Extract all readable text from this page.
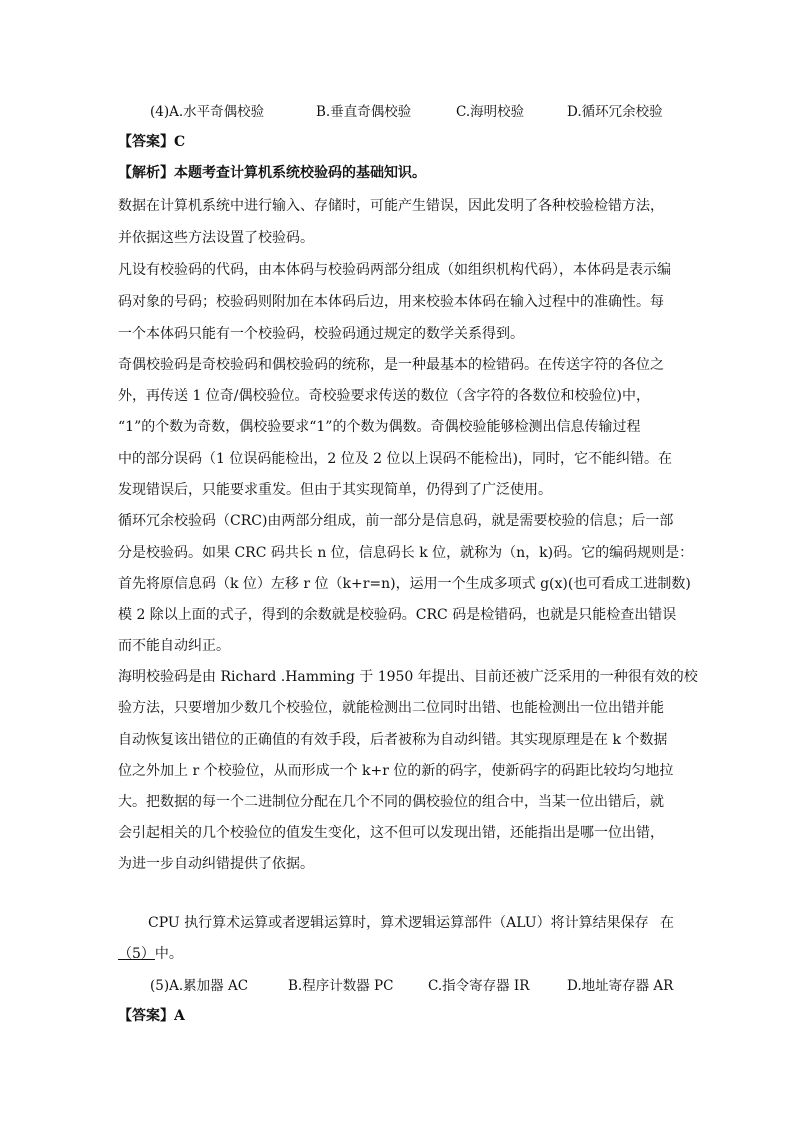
(4)A.水平奇偶校验	B.垂直奇偶校验	C.海明校验	D.循环冗余校验
【答案】C
【解析】本题考查计算机系统校验码的基础知识。
数据在计算机系统中进行输入、存储时，可能产生错误，因此发明了各种校验检错方法，
并依据这些方法设置了校验码。
凡设有校验码的代码，由本体码与校验码两部分组成（如组织机构代码），本体码是表示编
码对象的号码；校验码则附加在本体码后边，用来校验本体码在输入过程中的准确性。每
一个本体码只能有一个校验码，校验码通过规定的数学关系得到。
奇偶校验码是奇校验码和偶校验码的统称，是一种最基本的检错码。在传送字符的各位之
外，再传送 1 位奇/偶校验位。奇校验要求传送的数位（含字符的各数位和校验位)中，
“1”的个数为奇数，偶校验要求“1”的个数为偶数。奇偶校验能够检测出信息传输过程
中的部分误码（1 位误码能检出，2 位及 2 位以上误码不能检出)，同时，它不能纠错。在
发现错误后，只能要求重发。但由于其实现简单，仍得到了广泛使用。
循环冗余校验码（CRC)由两部分组成，前一部分是信息码，就是需要校验的信息；后一部
分是校验码。如果 CRC 码共长 n 位，信息码长 k 位，就称为（n，k)码。它的编码规则是：
首先将原信息码（k 位）左移 r 位（k+r=n)，运用一个生成多项式 g(x)(也可看成工进制数)
模 2 除以上面的式子，得到的余数就是校验码。CRC 码是检错码，也就是只能检查出错误
而不能自动纠正。
海明校验码是由 Richard .Hamming 于 1950 年提出、目前还被广泛采用的一种很有效的校
验方法，只要增加少数几个校验位，就能检测出二位同时出错、也能检测出一位出错并能
自动恢复该出错位的正确值的有效手段，后者被称为自动纠错。其实现原理是在 k 个数据
位之外加上 r 个校验位，从而形成一个 k+r 位的新的码字，使新码字的码距比较均匀地拉
大。把数据的每一个二进制位分配在几个不同的偶校验位的组合中，当某一位出错后，就
会引起相关的几个校验位的值发生变化，这不但可以发现出错，还能指出是哪一位出错，
为进一步自动纠错提供了依据。
CPU 执行算术运算或者逻辑运算时，算术逻辑运算部件（ALU）将计算结果保存 在
（5）中。
(5)A.累加器 AC	B.程序计数器 PC	C.指令寄存器 IR	D.地址寄存器 AR
【答案】A
